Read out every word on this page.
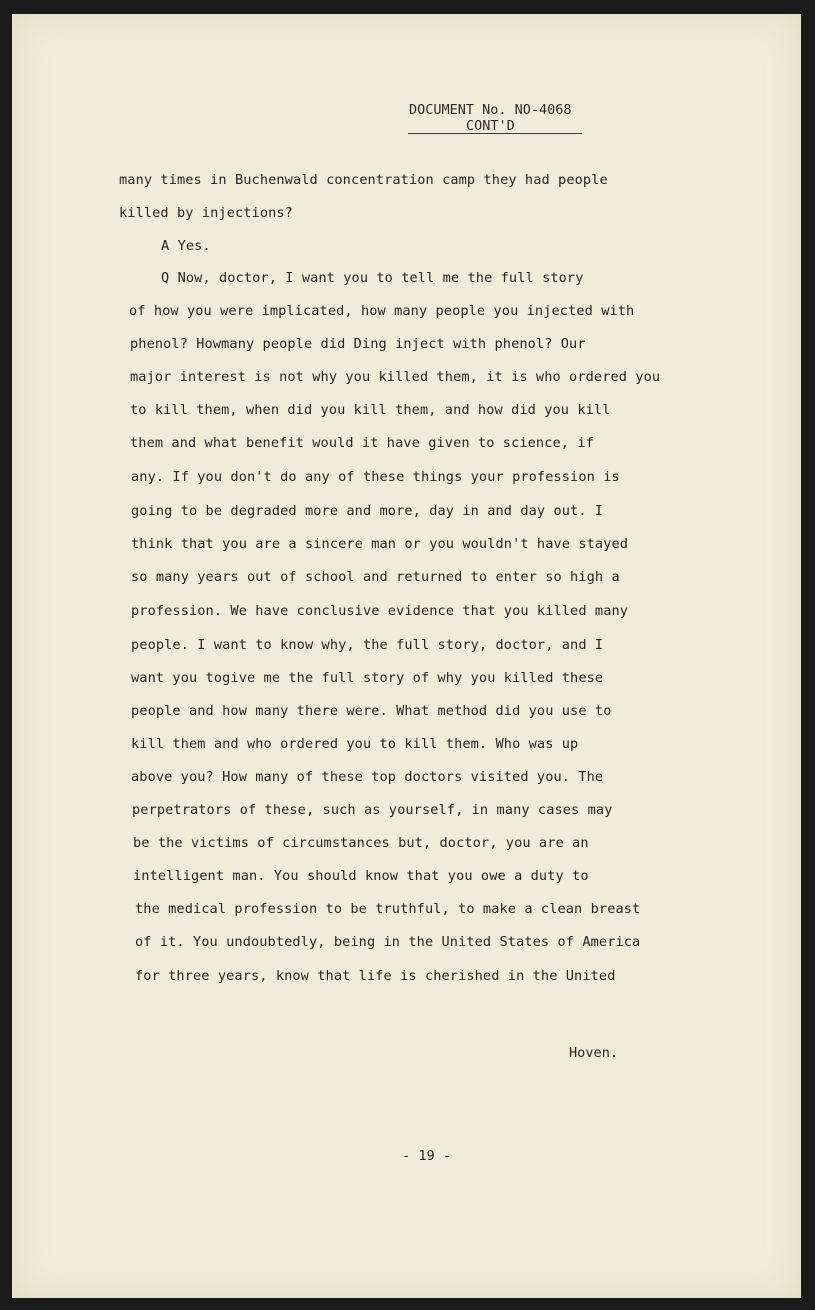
DOCUMENT No. NO-4068
CONT'D
many times in Buchenwald concentration camp they had people
killed by injections?
A Yes.
Q Now, doctor, I want you to tell me the full story
of how you were implicated, how many people you injected with
phenol? Howmany people did Ding inject with phenol? Our
major interest is not why you killed them, it is who ordered you
to kill them, when did you kill them, and how did you kill
them and what benefit would it have given to science, if
any. If you don't do any of these things your profession is
going to be degraded more and more, day in and day out. I
think that you are a sincere man or you wouldn't have stayed
so many years out of school and returned to enter so high a
profession. We have conclusive evidence that you killed many
people. I want to know why, the full story, doctor, and I
want you togive me the full story of why you killed these
people and how many there were. What method did you use to
kill them and who ordered you to kill them. Who was up
above you? How many of these top doctors visited you. The
perpetrators of these, such as yourself, in many cases may
be the victims of circumstances but, doctor, you are an
intelligent man. You should know that you owe a duty to
the medical profession to be truthful, to make a clean breast
of it. You undoubtedly, being in the United States of America
for three years, know that life is cherished in the United
Hoven.
- 19 -
